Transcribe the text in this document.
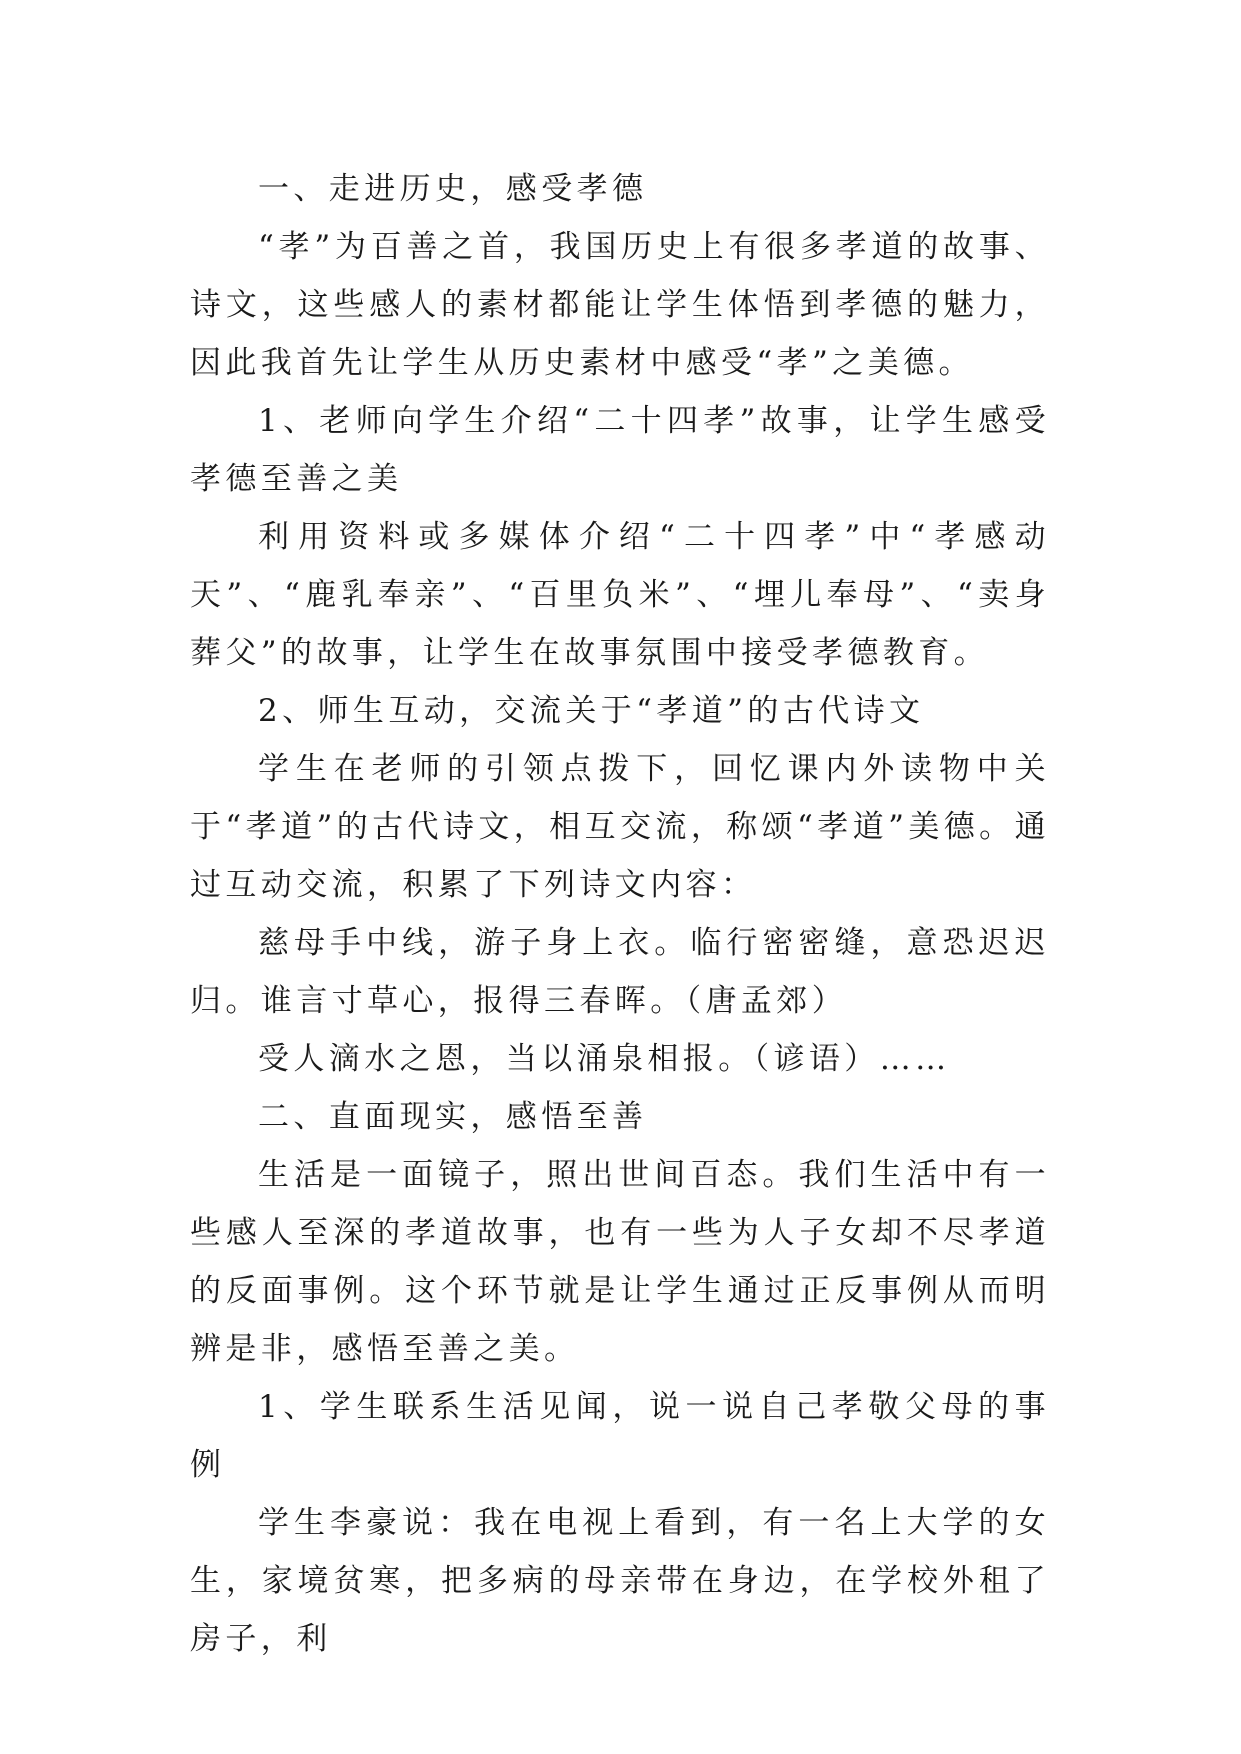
一、走进历史，感受孝德

“孝”为百善之首，我国历史上有很多孝道的故事、诗文，这些感人的素材都能让学生体悟到孝德的魅力，因此我首先让学生从历史素材中感受“孝”之美德。

1、老师向学生介绍“二十四孝”故事，让学生感受孝德至善之美

利用资料或多媒体介绍“二十四孝”中“孝感动天”、“鹿乳奉亲”、“百里负米”、“埋儿奉母”、“卖身葬父”的故事，让学生在故事氛围中接受孝德教育。

2、师生互动，交流关于“孝道”的古代诗文

学生在老师的引领点拨下，回忆课内外读物中关于“孝道”的古代诗文，相互交流，称颂“孝道”美德。通过互动交流，积累了下列诗文内容：

慈母手中线，游子身上衣。临行密密缝，意恐迟迟归。谁言寸草心，报得三春晖。（唐孟郊）

受人滴水之恩，当以涌泉相报。（谚语）……

二、直面现实，感悟至善

生活是一面镜子，照出世间百态。我们生活中有一些感人至深的孝道故事，也有一些为人子女却不尽孝道的反面事例。这个环节就是让学生通过正反事例从而明辨是非，感悟至善之美。

1、学生联系生活见闻，说一说自己孝敬父母的事例

学生李豪说：我在电视上看到，有一名上大学的女生，家境贫寒，把多病的母亲带在身边，在学校外租了房子，利
